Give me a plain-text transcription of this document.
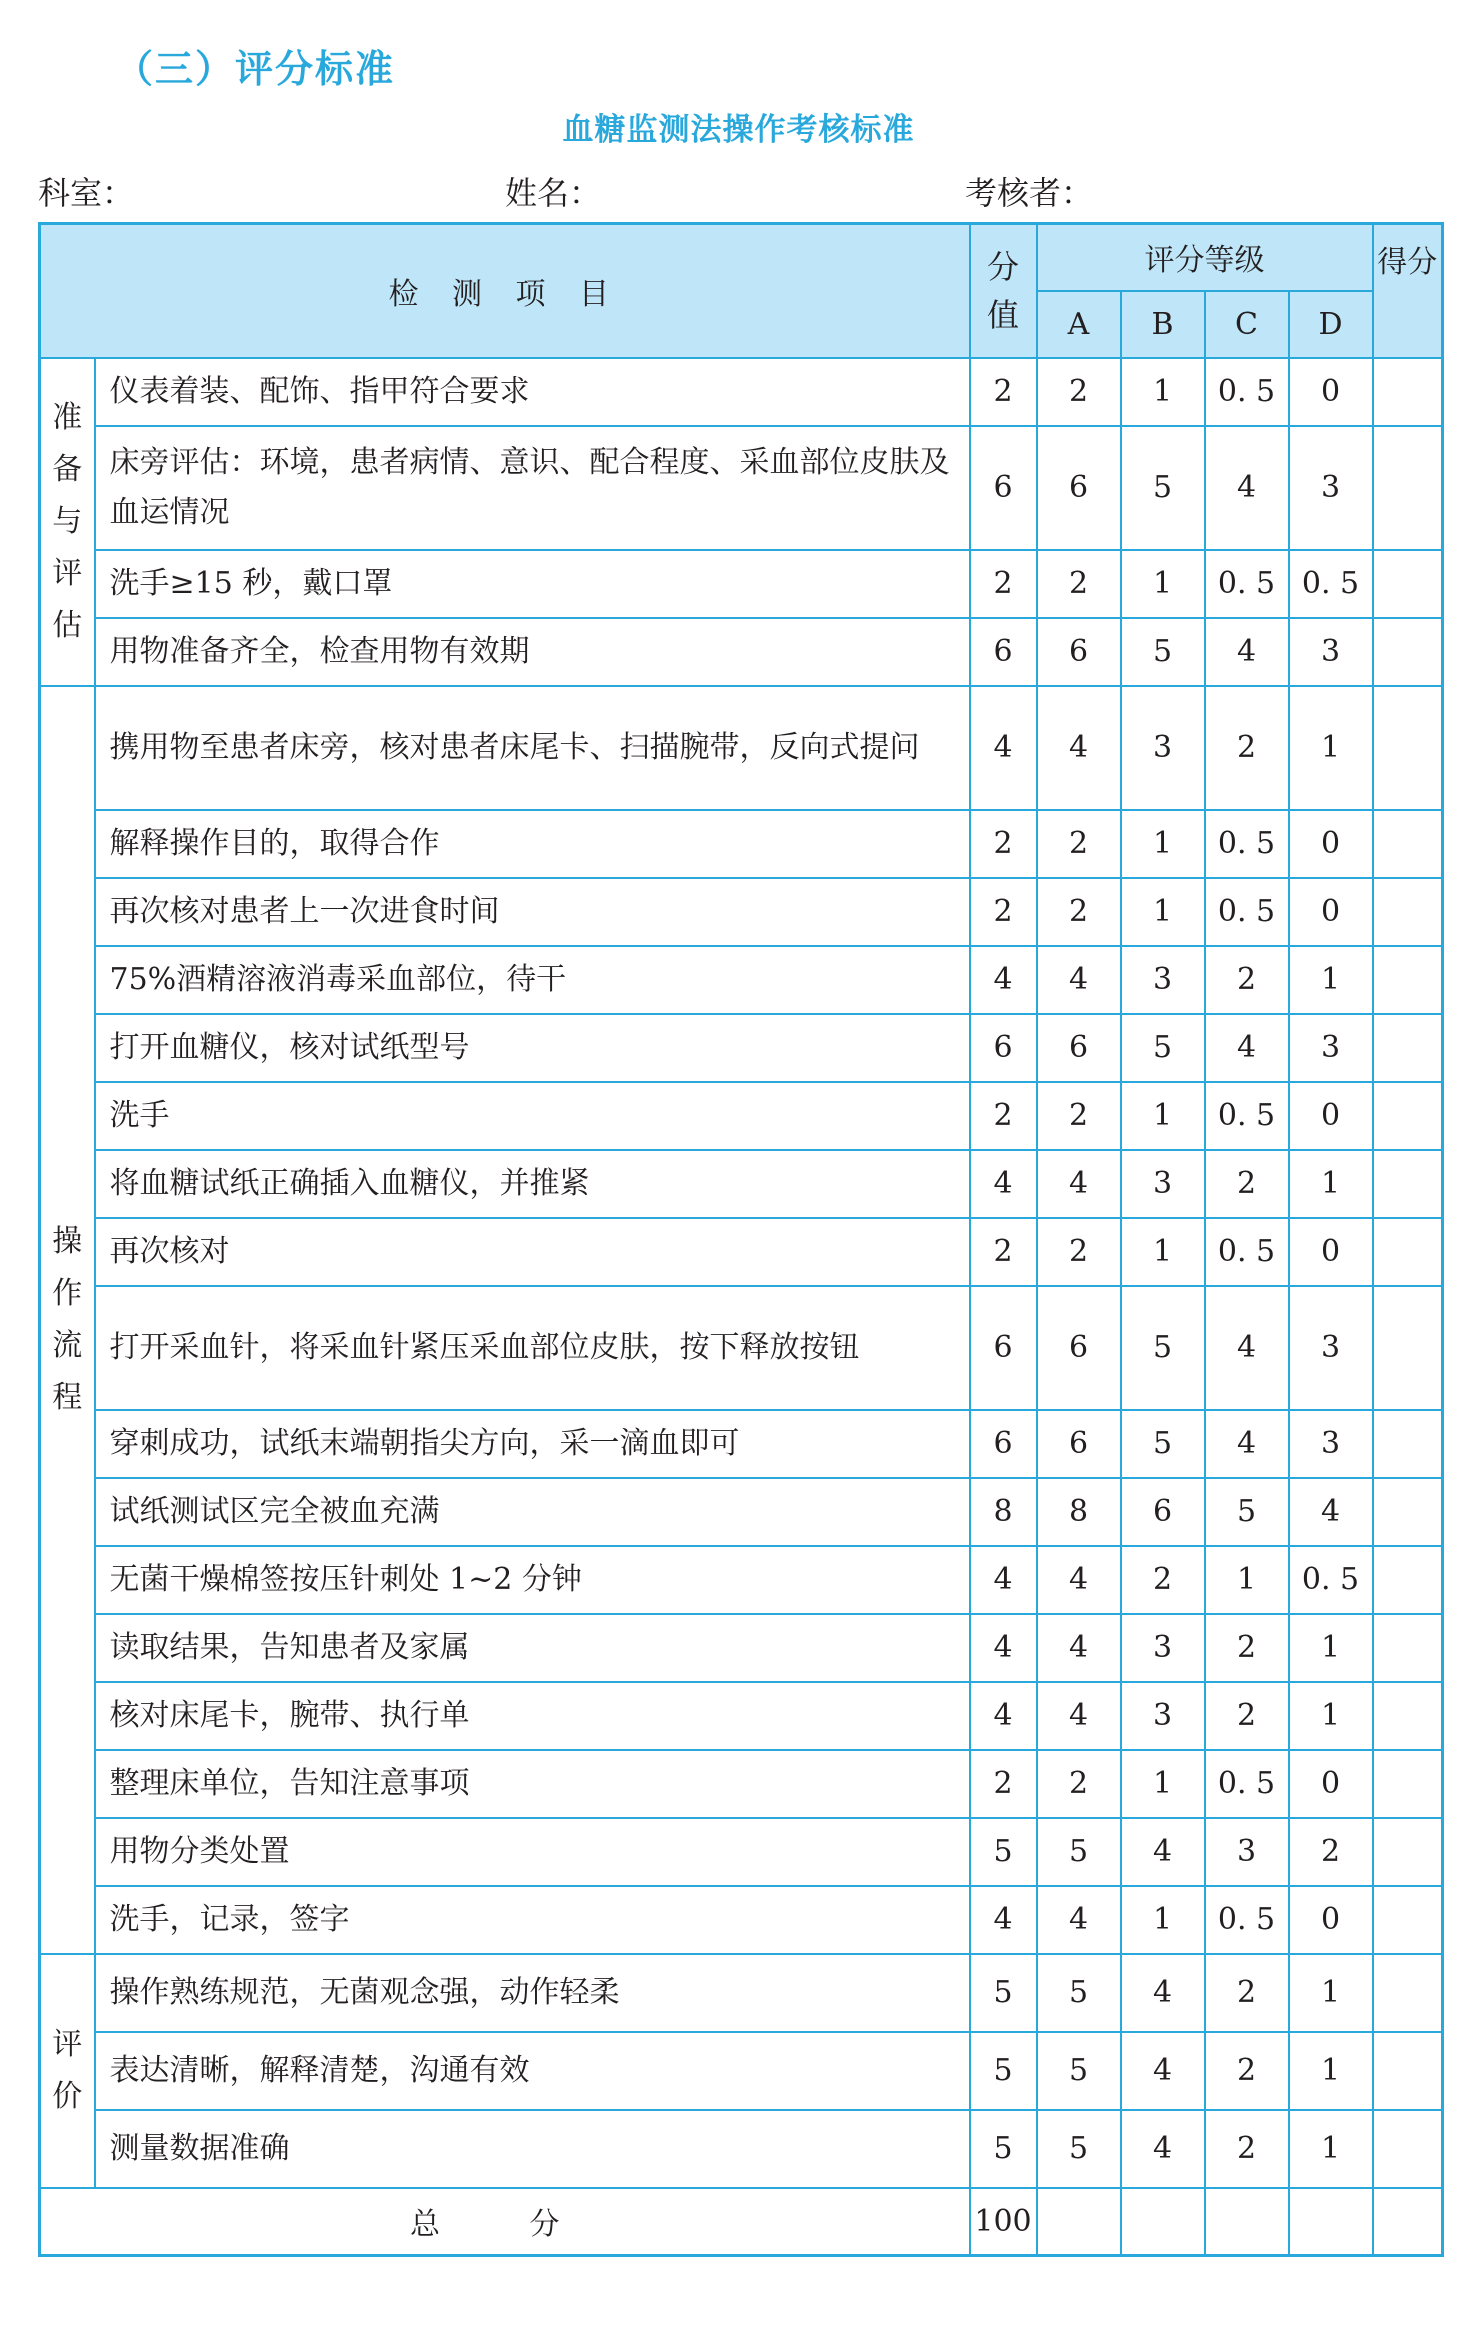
（三）评分标准
血糖监测法操作考核标准
科室：	姓名：	考核者：
检 测 项 目		分
值	评分等级				得分
			A	B	C	D	

准
备
与
评
估	仪表着装、配饰、指甲符合要求	2	2	1	0. 5	0	
	床旁评估：环境，患者病情、意识、配合程度、采血部位皮肤及血运情况	6	6	5	4	3	
	洗手≥15 秒，戴口罩	2	2	1	0. 5	0. 5	
	用物准备齐全，检查用物有效期	6	6	5	4	3	

操
作
流
程	携用物至患者床旁，核对患者床尾卡、扫描腕带，反向式提问	4	4	3	2	1	
	解释操作目的，取得合作	2	2	1	0. 5	0	
	再次核对患者上一次进食时间	2	2	1	0. 5	0	
	75%酒精溶液消毒采血部位，待干	4	4	3	2	1	
	打开血糖仪，核对试纸型号	6	6	5	4	3	
	洗手	2	2	1	0. 5	0	
	将血糖试纸正确插入血糖仪，并推紧	4	4	3	2	1	
	再次核对	2	2	1	0. 5	0	
	打开采血针，将采血针紧压采血部位皮肤，按下释放按钮	6	6	5	4	3	
	穿刺成功，试纸末端朝指尖方向，采一滴血即可	6	6	5	4	3	
	试纸测试区完全被血充满	8	8	6	5	4	
	无菌干燥棉签按压针刺处 1~2 分钟	4	4	2	1	0. 5	
	读取结果，告知患者及家属	4	4	3	2	1	
	核对床尾卡，腕带、执行单	4	4	3	2	1	
	整理床单位，告知注意事项	2	2	1	0. 5	0	
	用物分类处置	5	5	4	3	2	
	洗手，记录，签字	4	4	1	0. 5	0	

评
价	操作熟练规范，无菌观念强，动作轻柔	5	5	4	2	1	
	表达清晰，解释清楚，沟通有效	5	5	4	2	1	
	测量数据准确	5	5	4	2	1	
总 分		100					
